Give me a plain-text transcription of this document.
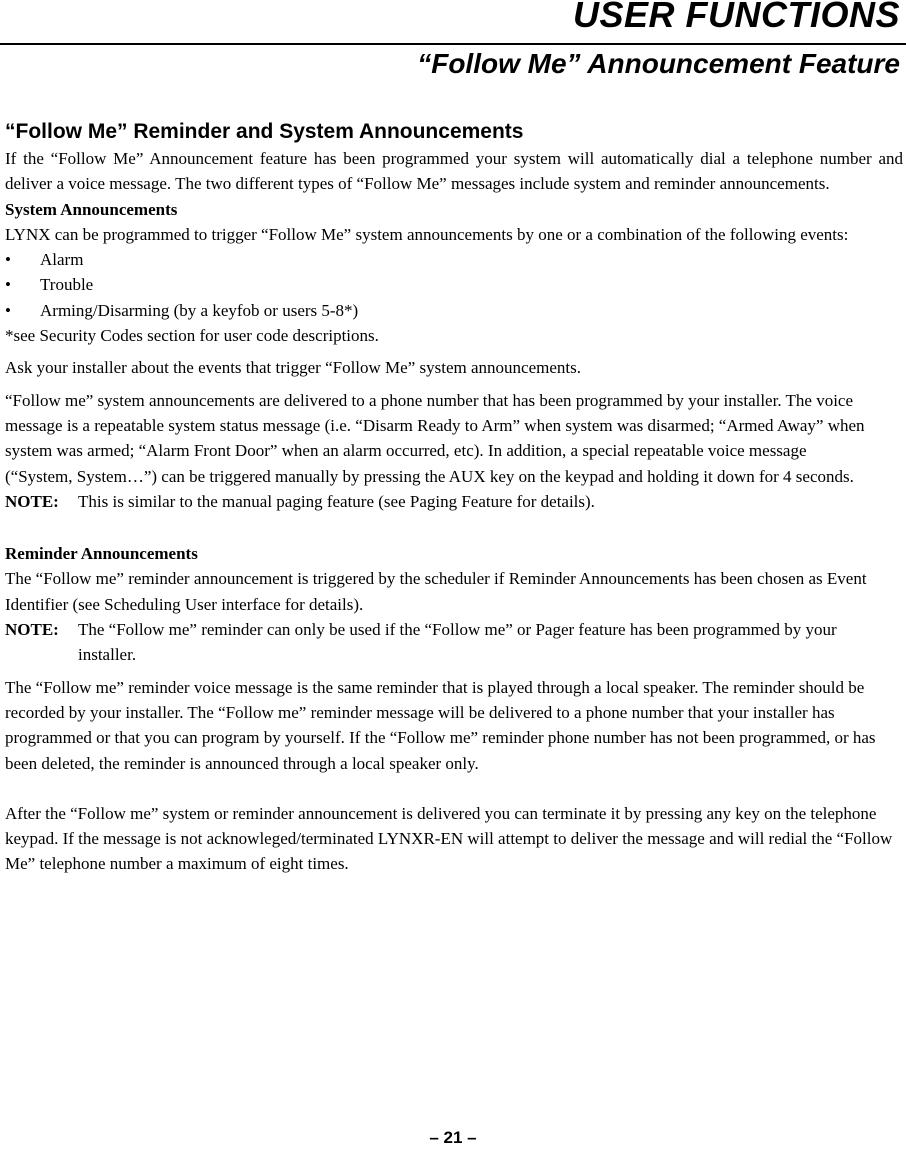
USER FUNCTIONS
“Follow Me” Announcement Feature
“Follow Me” Reminder and System Announcements

If the “Follow Me” Announcement feature has been programmed your system will automatically dial a telephone number and deliver a voice message. The two different types of “Follow Me” messages include system and reminder announcements.

System Announcements

LYNX can be programmed to trigger “Follow Me” system announcements by one or a combination of the following events:

• Alarm
• Trouble
• Arming/Disarming (by a keyfob or users 5-8*)

*see Security Codes section for user code descriptions.

Ask your installer about the events that trigger “Follow Me” system announcements.

“Follow me” system announcements are delivered to a phone number that has been programmed by your installer. The voice message is a repeatable system status message (i.e. “Disarm Ready to Arm” when system was disarmed; “Armed Away” when system was armed; “Alarm Front Door” when an alarm occurred, etc). In addition, a special repeatable voice message (“System, System…”) can be triggered manually by pressing the AUX key on the keypad and holding it down for 4 seconds.

NOTE:	This is similar to the manual paging feature (see Paging Feature for details).

Reminder Announcements

The “Follow me” reminder announcement is triggered by the scheduler if Reminder Announcements has been chosen as Event Identifier (see Scheduling User interface for details).

NOTE:	The “Follow me” reminder can only be used if the “Follow me” or Pager feature has been programmed by your installer.

The “Follow me” reminder voice message is the same reminder that is played through a local speaker. The reminder should be recorded by your installer. The “Follow me” reminder message will be delivered to a phone number that your installer has programmed or that you can program by yourself. If the “Follow me” reminder phone number has not been programmed, or has been deleted, the reminder is announced through a local speaker only.

After the “Follow me” system or reminder announcement is delivered you can terminate it by pressing any key on the telephone keypad. If the message is not acknowleged/terminated LYNXR-EN will attempt to deliver the message and will redial the “Follow Me” telephone number a maximum of eight times.

– 21 –
